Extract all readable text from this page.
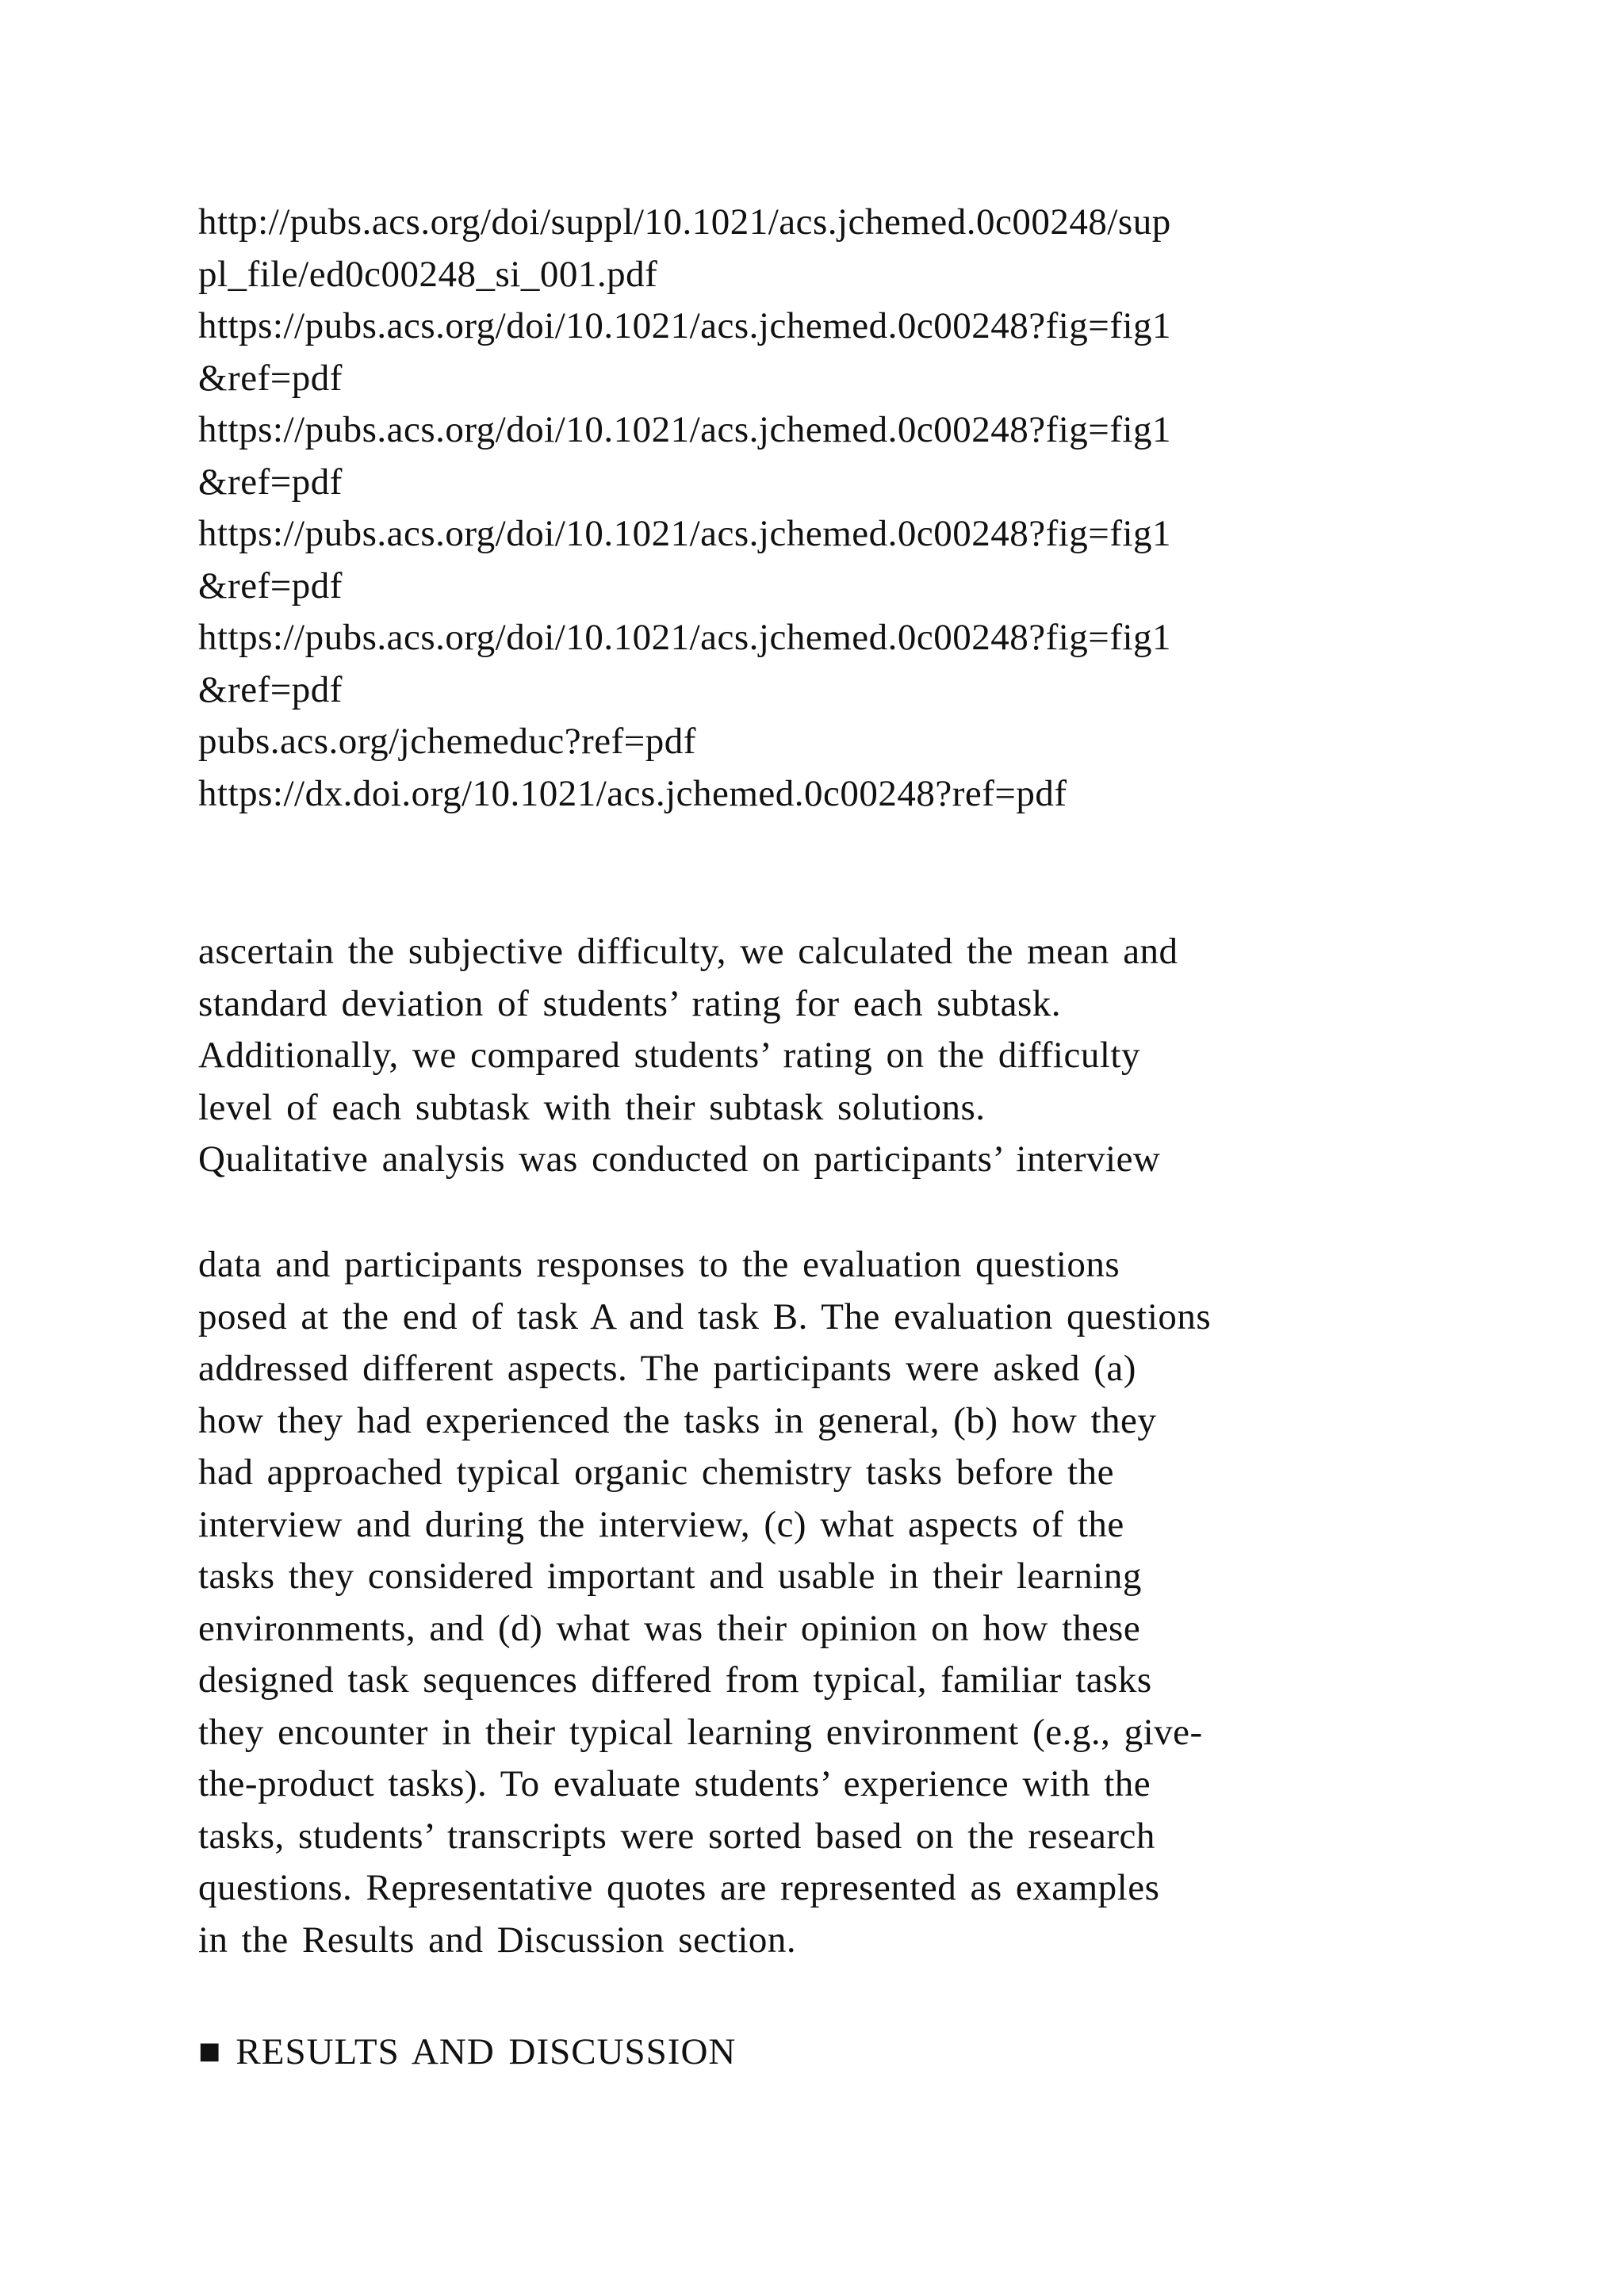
http://pubs.acs.org/doi/suppl/10.1021/acs.jchemed.0c00248/sup
pl_file/ed0c00248_si_001.pdf
https://pubs.acs.org/doi/10.1021/acs.jchemed.0c00248?fig=fig1
&ref=pdf
https://pubs.acs.org/doi/10.1021/acs.jchemed.0c00248?fig=fig1
&ref=pdf
https://pubs.acs.org/doi/10.1021/acs.jchemed.0c00248?fig=fig1
&ref=pdf
https://pubs.acs.org/doi/10.1021/acs.jchemed.0c00248?fig=fig1
&ref=pdf
pubs.acs.org/jchemeduc?ref=pdf
https://dx.doi.org/10.1021/acs.jchemed.0c00248?ref=pdf
ascertain the subjective difficulty, we calculated the mean and
standard deviation of students’ rating for each subtask.
Additionally, we compared students’ rating on the difficulty
level of each subtask with their subtask solutions.
Qualitative analysis was conducted on participants’ interview
data and participants responses to the evaluation questions
posed at the end of task A and task B. The evaluation questions
addressed different aspects. The participants were asked (a)
how they had experienced the tasks in general, (b) how they
had approached typical organic chemistry tasks before the
interview and during the interview, (c) what aspects of the
tasks they considered important and usable in their learning
environments, and (d) what was their opinion on how these
designed task sequences differed from typical, familiar tasks
they encounter in their typical learning environment (e.g., give-
the-product tasks). To evaluate students’ experience with the
tasks, students’ transcripts were sorted based on the research
questions. Representative quotes are represented as examples
in the Results and Discussion section.
■ RESULTS AND DISCUSSION
